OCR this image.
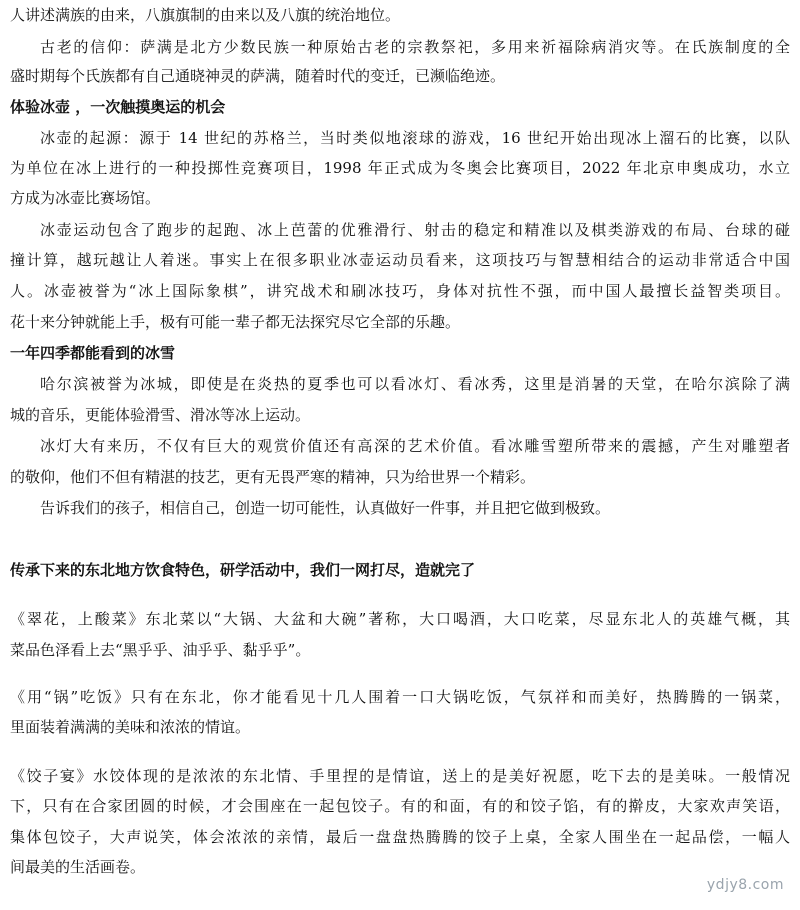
人讲述满族的由来，八旗旗制的由来以及八旗的统治地位。
古老的信仰：萨满是北方少数民族一种原始古老的宗教祭祀，多用来祈福除病消灾等。在氏族制度的全
盛时期每个氏族都有自己通晓神灵的萨满，随着时代的变迁，已濒临绝迹。
体验冰壶 ，一次触摸奥运的机会
冰壶的起源：源于 14 世纪的苏格兰，当时类似地滚球的游戏，16 世纪开始出现冰上溜石的比赛，以队
为单位在冰上进行的一种投掷性竞赛项目，1998 年正式成为冬奥会比赛项目，2022 年北京申奥成功，水立
方成为冰壶比赛场馆。
冰壶运动包含了跑步的起跑、冰上芭蕾的优雅滑行、射击的稳定和精准以及棋类游戏的布局、台球的碰
撞计算，越玩越让人着迷。事实上在很多职业冰壶运动员看来，这项技巧与智慧相结合的运动非常适合中国
人。冰壶被誉为“冰上国际象棋”，讲究战术和刷冰技巧，身体对抗性不强，而中国人最擅长益智类项目。
花十来分钟就能上手，极有可能一辈子都无法探究尽它全部的乐趣。
一年四季都能看到的冰雪
哈尔滨被誉为冰城，即使是在炎热的夏季也可以看冰灯、看冰秀，这里是消暑的天堂，在哈尔滨除了满
城的音乐，更能体验滑雪、滑冰等冰上运动。
冰灯大有来历，不仅有巨大的观赏价值还有高深的艺术价值。看冰雕雪塑所带来的震撼，产生对雕塑者
的敬仰，他们不但有精湛的技艺，更有无畏严寒的精神，只为给世界一个精彩。
告诉我们的孩子，相信自己，创造一切可能性，认真做好一件事，并且把它做到极致。
传承下来的东北地方饮食特色，研学活动中，我们一网打尽，造就完了
《翠花，上酸菜》东北菜以“大锅、大盆和大碗”著称，大口喝酒，大口吃菜，尽显东北人的英雄气概，其
菜品色泽看上去“黑乎乎、油乎乎、黏乎乎”。
《用“锅”吃饭》只有在东北，你才能看见十几人围着一口大锅吃饭，气氛祥和而美好，热腾腾的一锅菜，
里面装着满满的美味和浓浓的情谊。
《饺子宴》水饺体现的是浓浓的东北情、手里捏的是情谊，送上的是美好祝愿，吃下去的是美味。一般情况
下，只有在合家团圆的时候，才会围座在一起包饺子。有的和面，有的和饺子馅，有的擀皮，大家欢声笑语，
集体包饺子，大声说笑，体会浓浓的亲情，最后一盘盘热腾腾的饺子上桌，全家人围坐在一起品偿，一幅人
间最美的生活画卷。
ydjy8.com
